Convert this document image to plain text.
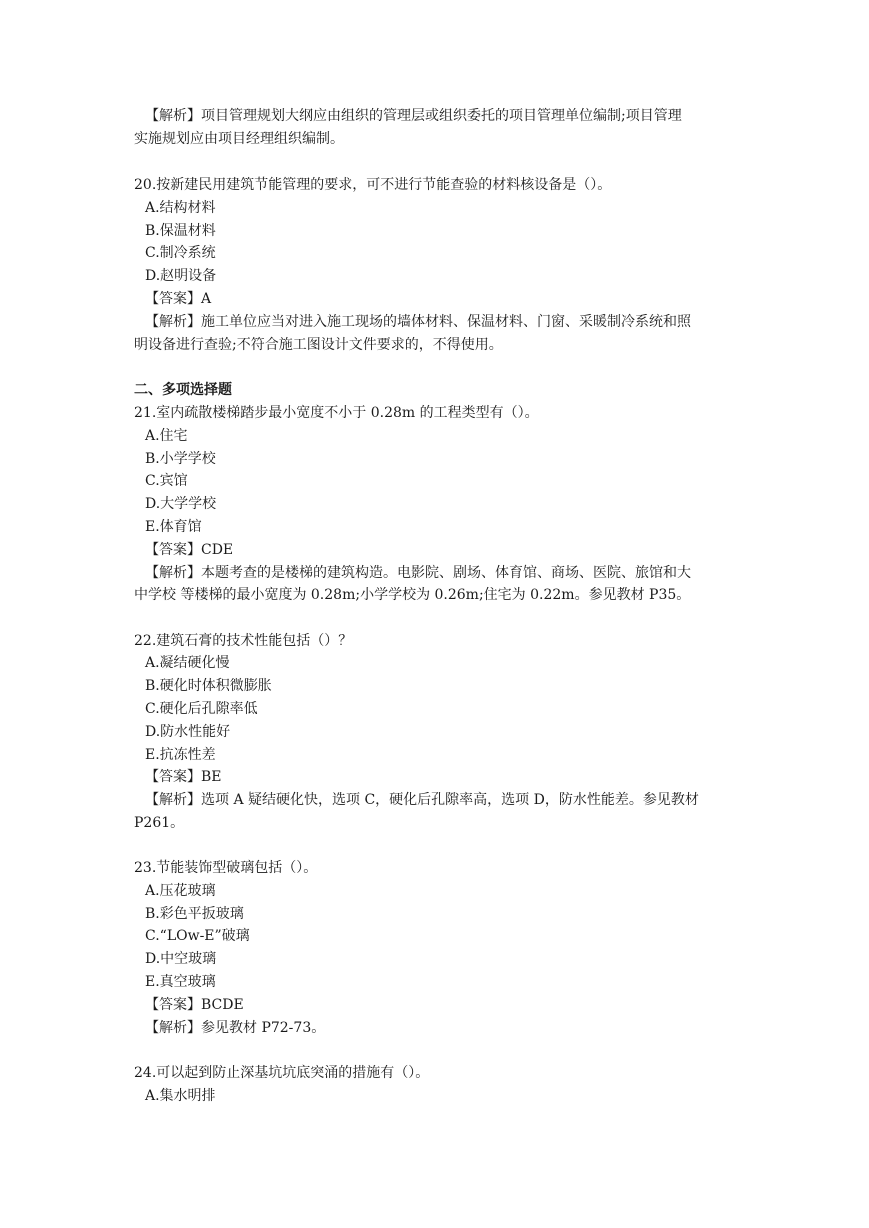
【解析】项目管理规划大纲应由组织的管理层或组织委托的项目管理单位编制;项目管理
实施规划应由项目经理组织编制。
20.按新建民用建筑节能管理的要求，可不进行节能查验的材料核设备是（）。
A.结构材料
B.保温材料
C.制冷系统
D.赵明设备
【答案】A
【解析】施工单位应当对进入施工现场的墙体材料、保温材料、门窗、采暖制冷系统和照
明设备进行查验;不符合施工图设计文件要求的，不得使用。
二、多项选择题
21.室内疏散楼梯踏步最小宽度不小于 0.28m 的工程类型有（）。
A.住宅
B.小学学校
C.宾馆
D.大学学校
E.体育馆
【答案】CDE
【解析】本题考查的是楼梯的建筑构造。电影院、剧场、体育馆、商场、医院、旅馆和大
中学校 等楼梯的最小宽度为 0.28m;小学学校为 0.26m;住宅为 0.22m。参见教材 P35。
22.建筑石膏的技术性能包括（）？
A.凝结硬化慢
B.硬化时体积微膨胀
C.硬化后孔隙率低
D.防水性能好
E.抗冻性差
【答案】BE
【解析】选项 A 疑结硬化快，选项 C，硬化后孔隙率高，选项 D，防水性能差。参见教材
P261。
23.节能装饰型破璃包括（）。
A.压花玻璃
B.彩色平扳玻璃
C.“LOw-E”破璃
D.中空玻璃
E.真空玻璃
【答案】BCDE
【解析】参见教材 P72-73。
24.可以起到防止深基坑坑底突涌的措施有（）。
A.集水明排
